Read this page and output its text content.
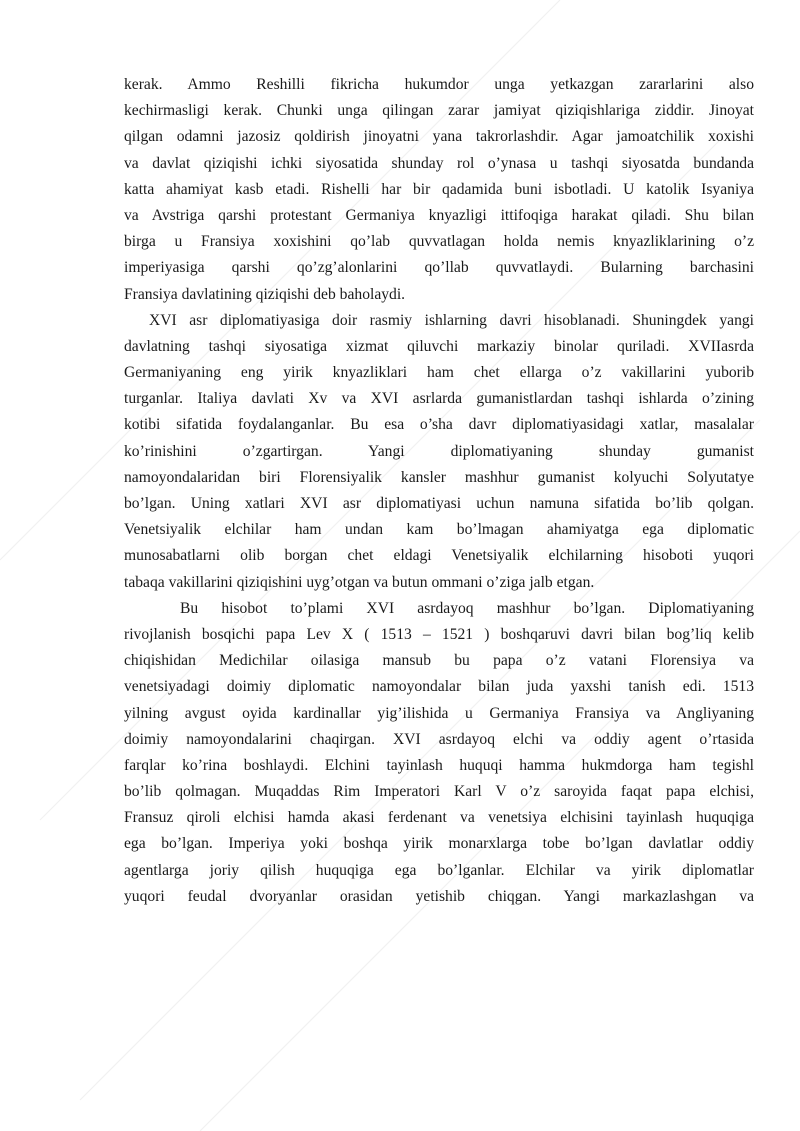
kerak. Ammo Reshilli fikricha hukumdor unga yetkazgan zararlarini also
kechirmasligi kerak. Chunki unga qilingan zarar jamiyat qiziqishlariga ziddir. Jinoyat
qilgan odamni jazosiz qoldirish jinoyatni yana takrorlashdir. Agar jamoatchilik xoxishi
va davlat qiziqishi ichki siyosatida shunday rol o’ynasa u tashqi siyosatda bundanda
katta ahamiyat kasb etadi. Rishelli har bir qadamida buni isbotladi. U katolik Isyaniya
va Avstriga qarshi protestant Germaniya knyazligi ittifoqiga harakat qiladi. Shu bilan
birga u Fransiya xoxishini qo’lab quvvatlagan holda nemis knyazliklarining o’z
imperiyasiga qarshi qo’zg’alonlarini qo’llab quvvatlaydi. Bularning barchasini
Fransiya davlatining qiziqishi deb baholaydi.
XVI asr diplomatiyasiga doir rasmiy ishlarning davri hisoblanadi. Shuningdek yangi
davlatning tashqi siyosatiga xizmat qiluvchi markaziy binolar quriladi. XVIIasrda
Germaniyaning eng yirik knyazliklari ham chet ellarga o’z vakillarini yuborib
turganlar. Italiya davlati Xv va XVI asrlarda gumanistlardan tashqi ishlarda o’zining
kotibi sifatida foydalanganlar. Bu esa o’sha davr diplomatiyasidagi xatlar, masalalar
ko’rinishini o’zgartirgan. Yangi diplomatiyaning shunday gumanist
namoyondalaridan biri Florensiyalik kansler mashhur gumanist kolyuchi Solyutatye
bo’lgan. Uning xatlari XVI asr diplomatiyasi uchun namuna sifatida bo’lib qolgan.
Venetsiyalik elchilar ham undan kam bo’lmagan ahamiyatga ega diplomatic
munosabatlarni olib borgan chet eldagi Venetsiyalik elchilarning hisoboti yuqori
tabaqa vakillarini qiziqishini uyg’otgan va butun ommani o’ziga jalb etgan.
Bu hisobot to’plami XVI asrdayoq mashhur bo’lgan. Diplomatiyaning
rivojlanish bosqichi papa Lev X ( 1513 – 1521 ) boshqaruvi davri bilan bog’liq kelib
chiqishidan Medichilar oilasiga mansub bu papa o’z vatani Florensiya va
venetsiyadagi doimiy diplomatic namoyondalar bilan juda yaxshi tanish edi. 1513
yilning avgust oyida kardinallar yig’ilishida u Germaniya Fransiya va Angliyaning
doimiy namoyondalarini chaqirgan. XVI asrdayoq elchi va oddiy agent o’rtasida
farqlar ko’rina boshlaydi. Elchini tayinlash huquqi hamma hukmdorga ham tegishl
bo’lib qolmagan. Muqaddas Rim Imperatori Karl V o’z saroyida faqat papa elchisi,
Fransuz qiroli elchisi hamda akasi ferdenant va venetsiya elchisini tayinlash huquqiga
ega bo’lgan. Imperiya yoki boshqa yirik monarxlarga tobe bo’lgan davlatlar oddiy
agentlarga joriy qilish huquqiga ega bo’lganlar. Elchilar va yirik diplomatlar
yuqori feudal dvoryanlar orasidan yetishib chiqgan. Yangi markazlashgan va
